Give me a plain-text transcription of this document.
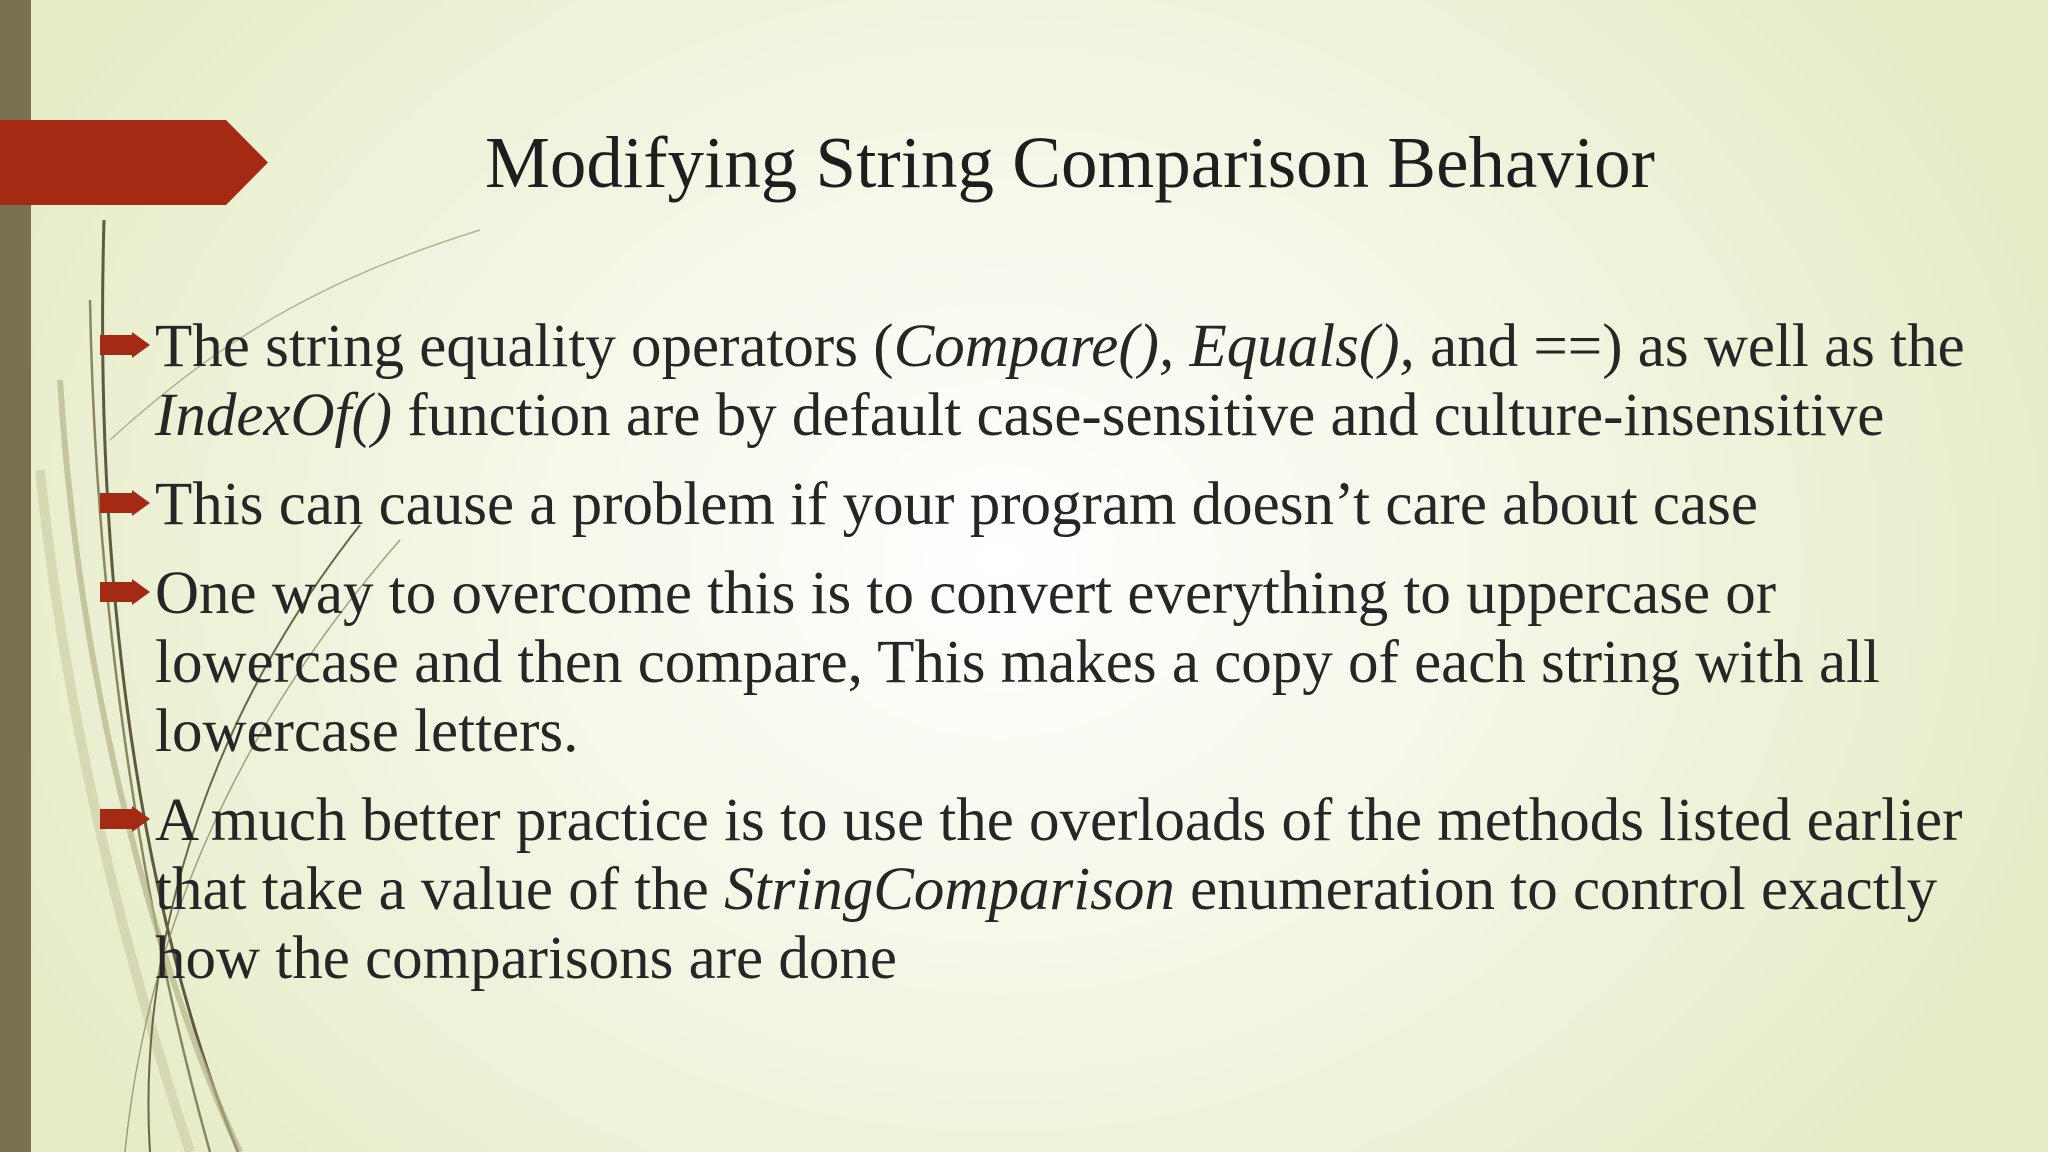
Modifying String Comparison Behavior
The string equality operators (Compare(), Equals(), and ==) as well as the IndexOf() function are by default case-sensitive and culture-insensitive
This can cause a problem if your program doesn’t care about case
One way to overcome this is to convert everything to uppercase or lowercase and then compare, This makes a copy of each string with all lowercase letters.
A much better practice is to use the overloads of the methods listed earlier that take a value of the StringComparison enumeration to control exactly how the comparisons are done
